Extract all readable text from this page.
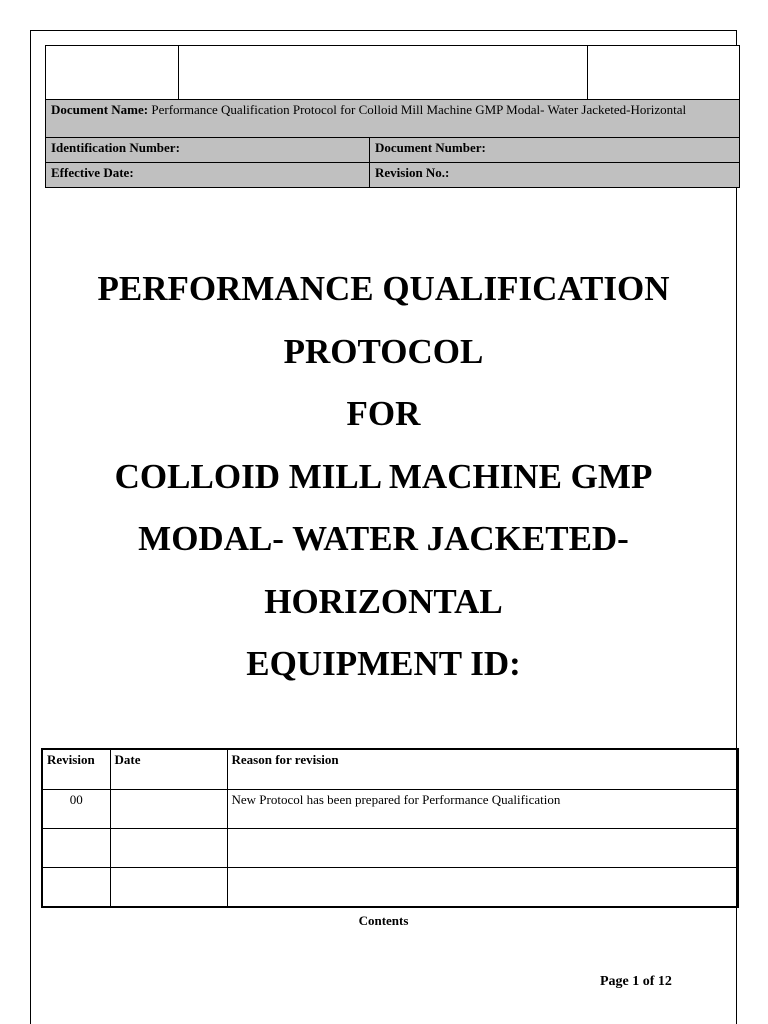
Document Name: Performance Qualification Protocol for Colloid Mill Machine GMP Modal- Water Jacketed-Horizontal			
Identification Number:		Document Number:	
Effective Date:		Revision No.:	
PERFORMANCE QUALIFICATION
PROTOCOL
FOR
COLLOID MILL MACHINE GMP
MODAL- WATER JACKETED-
HORIZONTAL
EQUIPMENT ID:
Revision	Date	Reason for revision
00		New Protocol has been prepared for Performance Qualification

Contents
Page 1 of 12
